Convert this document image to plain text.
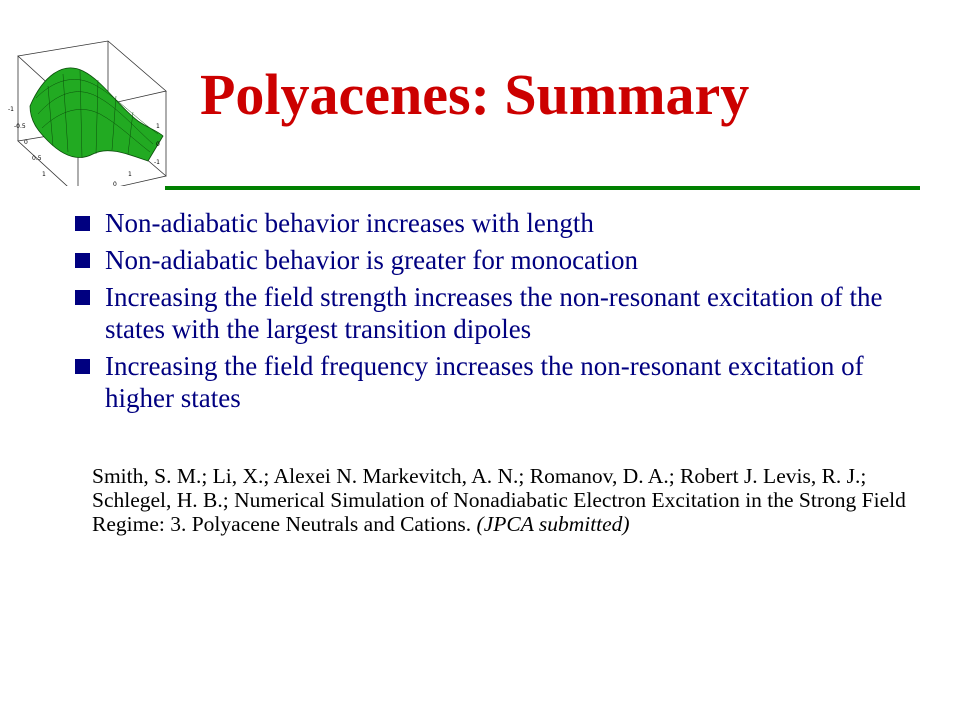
-1
-0.5
0
0.5
1
1
0
-1
1
0
Polyacenes: Summary
Non-adiabatic behavior increases with length
Non-adiabatic behavior is greater for monocation
Increasing the field strength increases the non-resonant excitation of the states with the largest transition dipoles
Increasing the field frequency increases the non-resonant excitation of higher states
Smith, S. M.; Li, X.; Alexei N. Markevitch, A. N.; Romanov, D. A.; Robert J. Levis, R. J.; Schlegel, H. B.; Numerical Simulation of Nonadiabatic Electron Excitation in the Strong Field Regime: 3. Polyacene Neutrals and Cations. (JPCA submitted)
